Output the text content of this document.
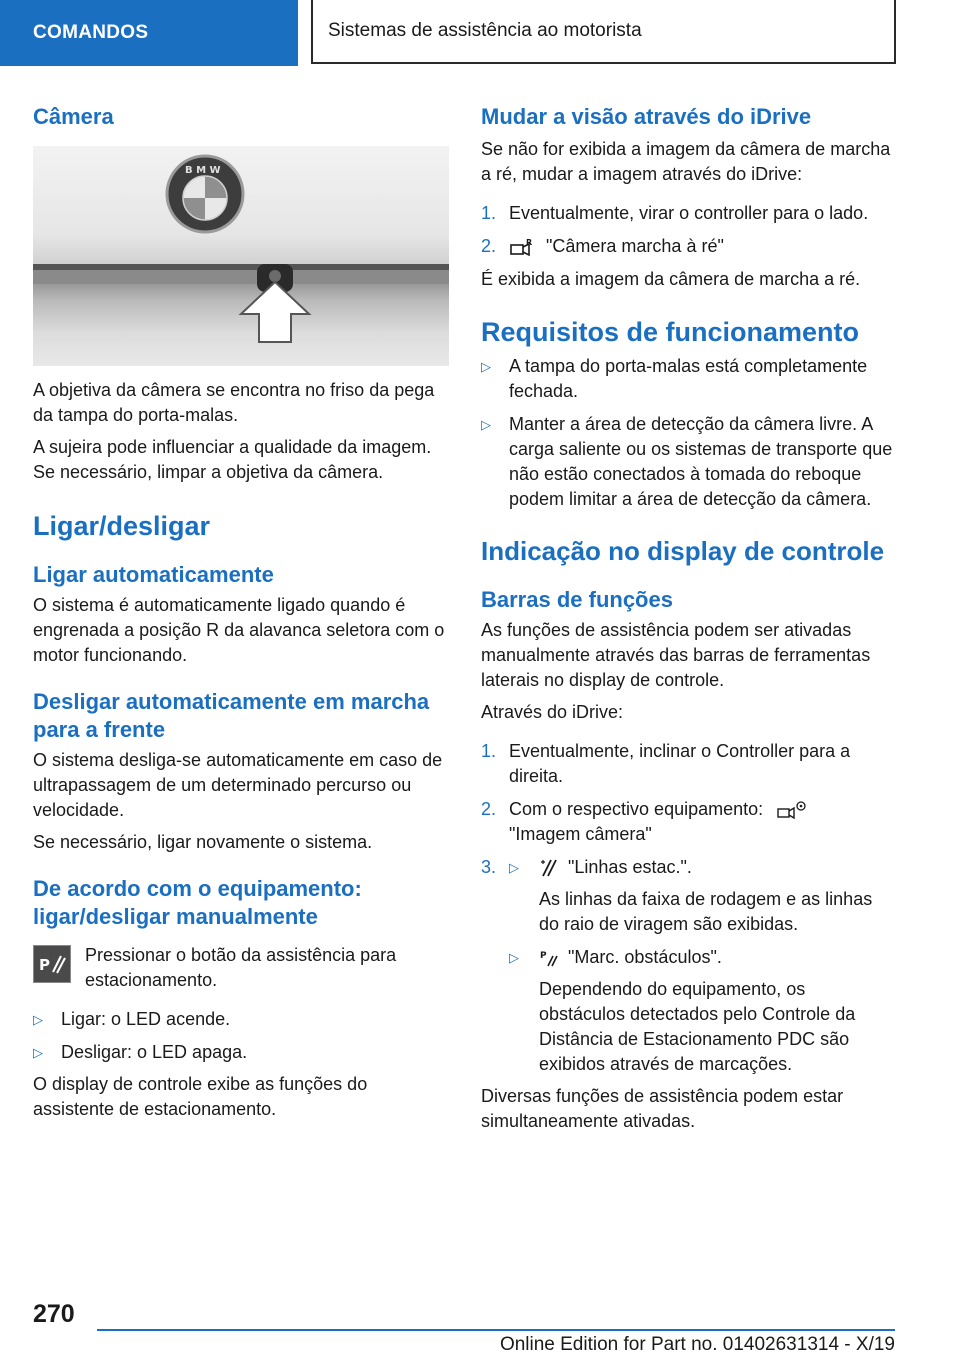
COMANDOS	Sistemas de assistência ao motorista
Câmera
B M W

A objetiva da câmera se encontra no friso da pega da tampa do porta-malas.

A sujeira pode influenciar a qualidade da imagem. Se necessário, limpar a objetiva da câmera.

Ligar/desligar
Ligar automaticamente

O sistema é automaticamente ligado quando é engrenada a posição R da alavanca seletora com o motor funcionando.

Desligar automaticamente em marcha para a frente

O sistema desliga-se automaticamente em caso de ultrapassagem de um determinado percurso ou velocidade.

Se necessário, ligar novamente o sistema.

De acordo com o equipamento: ligar/desligar manualmente
P Pressionar o botão da assistência para estacionamento.

▷ Ligar: o LED acende.
▷ Desligar: o LED apaga.

O display de controle exibe as funções do assistente de estacionamento.

Mudar a visão através do iDrive

Se não for exibida a imagem da câmera de marcha a ré, mudar a imagem através do iDrive:

1. Eventualmente, virar o controller para o lado.
2.	R "Câmera marcha à ré"

É exibida a imagem da câmera de marcha a ré.

Requisitos de funcionamento
▷ A tampa do porta-malas está completamente fechada.
▷ Manter a área de detecção da câmera livre. A carga saliente ou os sistemas de transporte que não estão conectados à tomada do reboque podem limitar a área de detecção da câmera.
Indicação no display de controle
Barras de funções

As funções de assistência podem ser ativadas manualmente através das barras de ferramentas laterais no display de controle.

Através do iDrive:

1. Eventualmente, inclinar o Controller para a direita.
2. Com o respectivo equipamento:
"Imagem câmera"
3. ▷	"Linhas estac.".

As linhas da faixa de rodagem e as linhas do raio de viragem são exibidas.

▷ P "Marc. obstáculos".

Dependendo do equipamento, os obstáculos detectados pelo Controle da Distância de Estacionamento PDC são exibidos através de marcações.

Diversas funções de assistência podem estar simultaneamente ativadas.

270
Online Edition for Part no. 01402631314 - X/19
